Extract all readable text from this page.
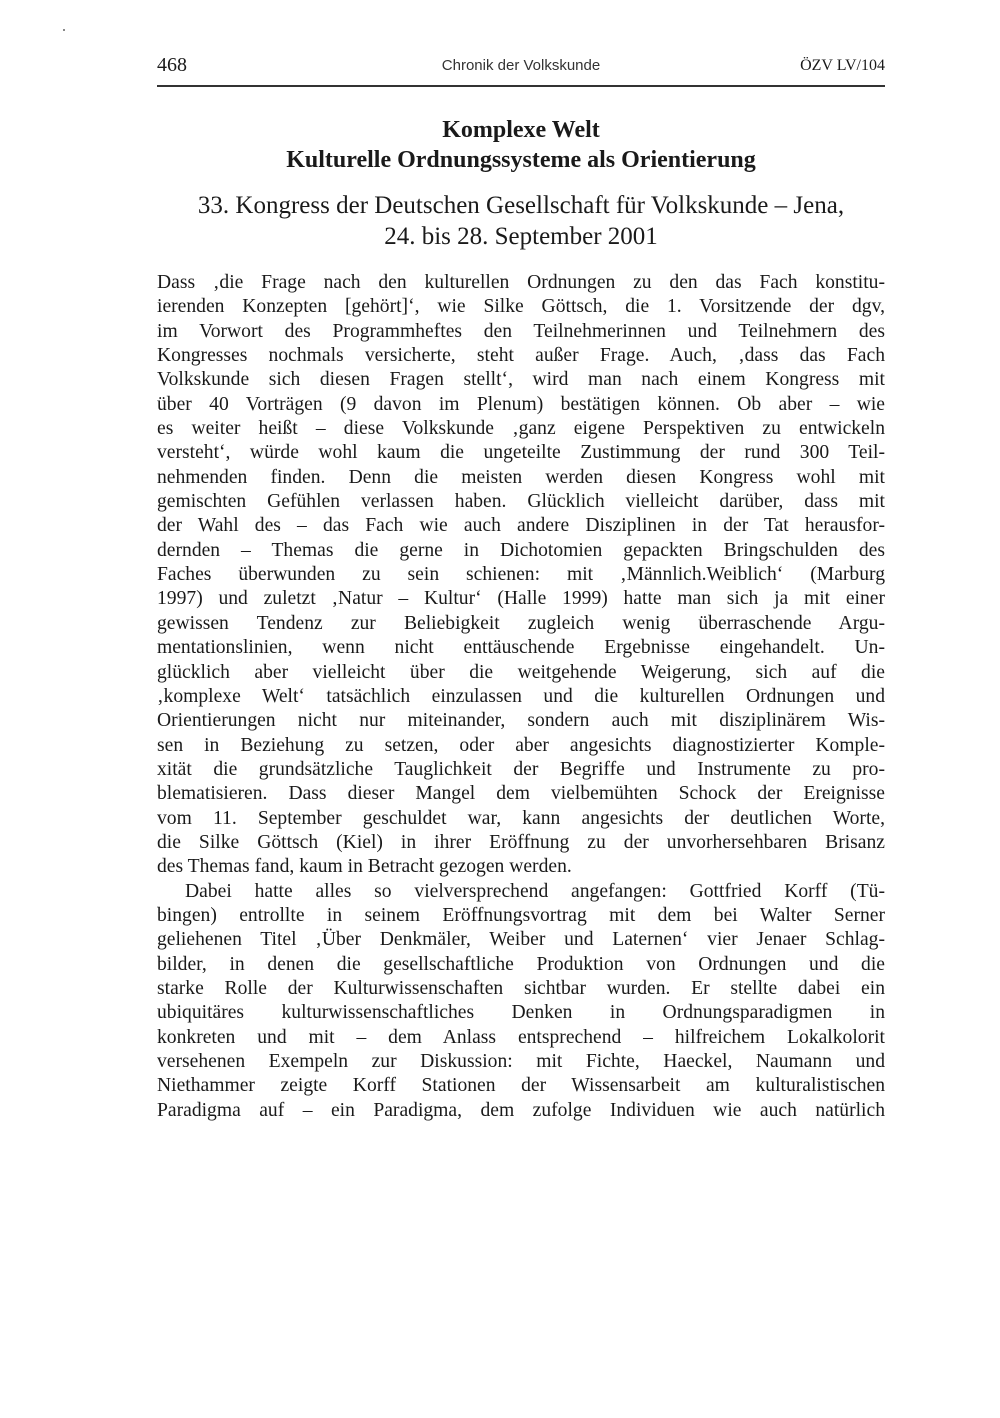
468	Chronik der Volkskunde	ÖZV LV/104
Komplexe Welt
Kulturelle Ordnungssysteme als Orientierung
33. Kongress der Deutschen Gesellschaft für Volkskunde – Jena,
24. bis 28. September 2001
Dass ‚die Frage nach den kulturellen Ordnungen zu den das Fach konstitu-
ierenden Konzepten [gehört]‘, wie Silke Göttsch, die 1. Vorsitzende der dgv,
im Vorwort des Programmheftes den Teilnehmerinnen und Teilnehmern des
Kongresses nochmals versicherte, steht außer Frage. Auch, ‚dass das Fach
Volkskunde sich diesen Fragen stellt‘, wird man nach einem Kongress mit
über 40 Vorträgen (9 davon im Plenum) bestätigen können. Ob aber – wie
es weiter heißt – diese Volkskunde ‚ganz eigene Perspektiven zu entwickeln
versteht‘, würde wohl kaum die ungeteilte Zustimmung der rund 300 Teil-
nehmenden finden. Denn die meisten werden diesen Kongress wohl mit
gemischten Gefühlen verlassen haben. Glücklich vielleicht darüber, dass mit
der Wahl des – das Fach wie auch andere Disziplinen in der Tat herausfor-
dernden – Themas die gerne in Dichotomien gepackten Bringschulden des
Faches überwunden zu sein schienen: mit ‚Männlich.Weiblich‘ (Marburg
1997) und zuletzt ‚Natur – Kultur‘ (Halle 1999) hatte man sich ja mit einer
gewissen Tendenz zur Beliebigkeit zugleich wenig überraschende Argu-
mentationslinien, wenn nicht enttäuschende Ergebnisse eingehandelt. Un-
glücklich aber vielleicht über die weitgehende Weigerung, sich auf die
‚komplexe Welt‘ tatsächlich einzulassen und die kulturellen Ordnungen und
Orientierungen nicht nur miteinander, sondern auch mit disziplinärem Wis-
sen in Beziehung zu setzen, oder aber angesichts diagnostizierter Komple-
xität die grundsätzliche Tauglichkeit der Begriffe und Instrumente zu pro-
blematisieren. Dass dieser Mangel dem vielbemühten Schock der Ereignisse
vom 11. September geschuldet war, kann angesichts der deutlichen Worte,
die Silke Göttsch (Kiel) in ihrer Eröffnung zu der unvorhersehbaren Brisanz
des Themas fand, kaum in Betracht gezogen werden.
Dabei hatte alles so vielversprechend angefangen: Gottfried Korff (Tü-
bingen) entrollte in seinem Eröffnungsvortrag mit dem bei Walter Serner
geliehenen Titel ‚Über Denkmäler, Weiber und Laternen‘ vier Jenaer Schlag-
bilder, in denen die gesellschaftliche Produktion von Ordnungen und die
starke Rolle der Kulturwissenschaften sichtbar wurden. Er stellte dabei ein
ubiquitäres kulturwissenschaftliches Denken in Ordnungsparadigmen in
konkreten und mit – dem Anlass entsprechend – hilfreichem Lokalkolorit
versehenen Exempeln zur Diskussion: mit Fichte, Haeckel, Naumann und
Niethammer zeigte Korff Stationen der Wissensarbeit am kulturalistischen
Paradigma auf – ein Paradigma, dem zufolge Individuen wie auch natürlich
